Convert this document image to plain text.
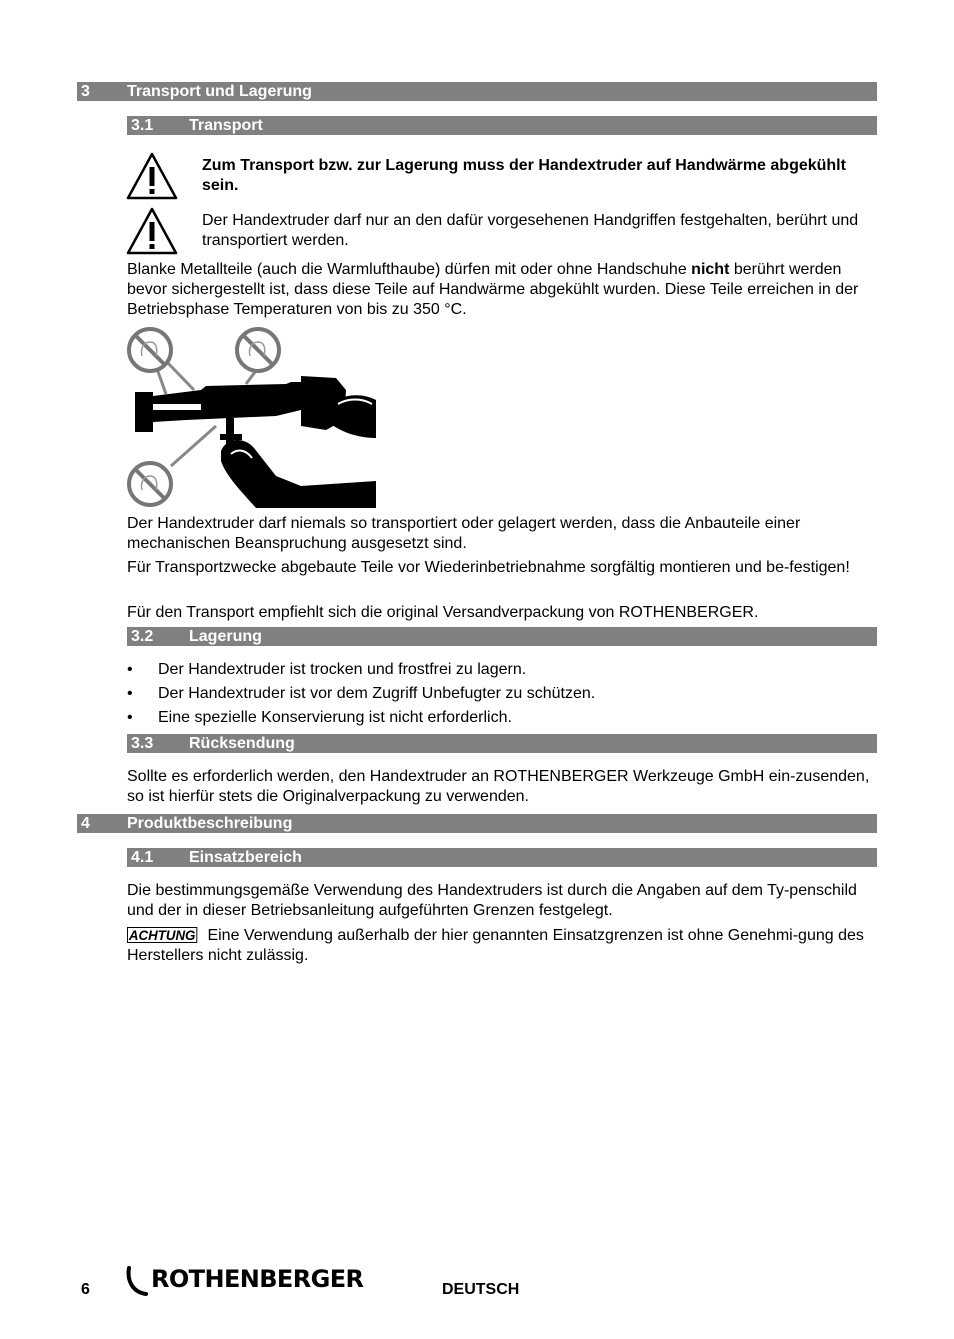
3 Transport und Lagerung
3.1 Transport

Zum Transport bzw. zur Lagerung muss der Handextruder auf Handwärme abgekühlt sein.

Der Handextruder darf nur an den dafür vorgesehenen Handgriffen festgehalten, berührt und transportiert werden.

Blanke Metallteile (auch die Warmlufthaube) dürfen mit oder ohne Handschuhe nicht berührt werden bevor sichergestellt ist, dass diese Teile auf Handwärme abgekühlt wurden. Diese Teile erreichen in der Betriebsphase Temperaturen von bis zu 350 °C.

Der Handextruder darf niemals so transportiert oder gelagert werden, dass die Anbauteile einer mechanischen Beanspruchung ausgesetzt sind.

Für Transportzwecke abgebaute Teile vor Wiederinbetriebnahme sorgfältig montieren und be-festigen!

Für den Transport empfiehlt sich die original Versandverpackung von ROTHENBERGER.

3.2 Lagerung
• Der Handextruder ist trocken und frostfrei zu lagern.
• Der Handextruder ist vor dem Zugriff Unbefugter zu schützen.
• Eine spezielle Konservierung ist nicht erforderlich.
3.3 Rücksendung

Sollte es erforderlich werden, den Handextruder an ROTHENBERGER Werkzeuge GmbH ein-zusenden, so ist hierfür stets die Originalverpackung zu verwenden.

4 Produktbeschreibung
4.1 Einsatzbereich

Die bestimmungsgemäße Verwendung des Handextruders ist durch die Angaben auf dem Ty-penschild und der in dieser Betriebsanleitung aufgeführten Grenzen festgelegt.

ACHTUNG Eine Verwendung außerhalb der hier genannten Einsatzgrenzen ist ohne Genehmi-gung des Herstellers nicht zulässig.

6	ROTHENBERGER	DEUTSCH
